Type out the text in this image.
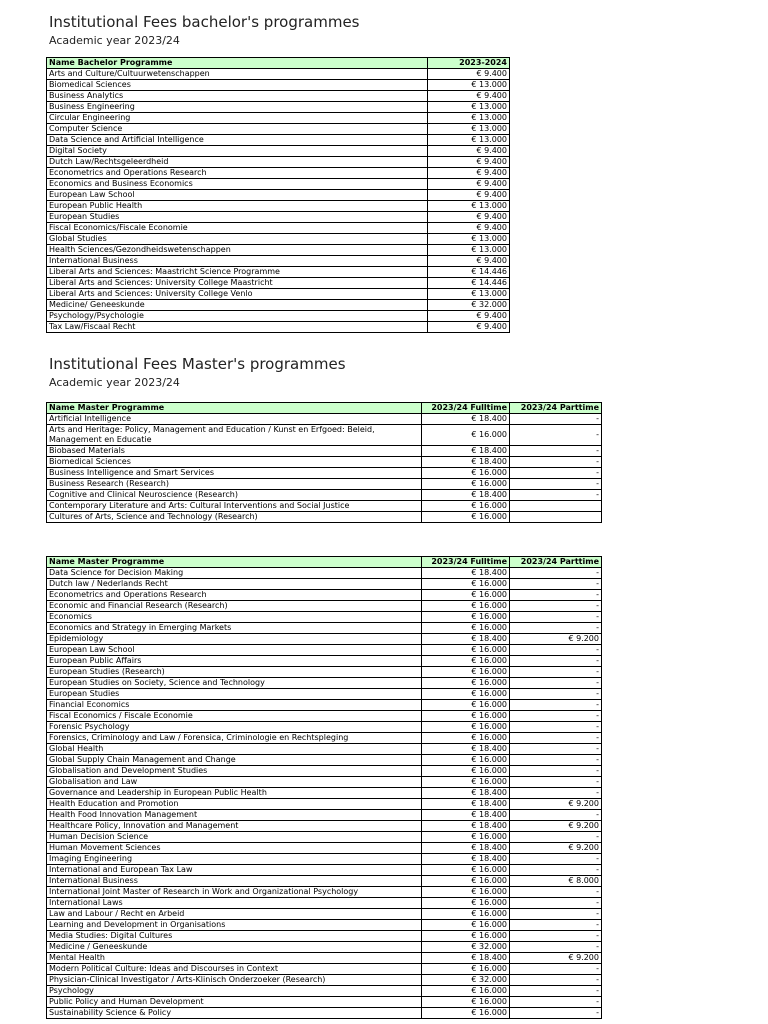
Institutional Fees bachelor's programmes
Academic year 2023/24
Name Bachelor Programme	2023-2024
Arts and Culture/Cultuurwetenschappen	€ 9.400
Biomedical Sciences	€ 13.000
Business Analytics	€ 9.400
Business Engineering	€ 13.000
Circular Engineering	€ 13.000
Computer Science	€ 13.000
Data Science and Artificial Intelligence	€ 13.000
Digital Society	€ 9.400
Dutch Law/Rechtsgeleerdheid	€ 9.400
Econometrics and Operations Research	€ 9.400
Economics and Business Economics	€ 9.400
European Law School	€ 9.400
European Public Health	€ 13.000
European Studies	€ 9.400
Fiscal Economics/Fiscale Economie	€ 9.400
Global Studies	€ 13.000
Health Sciences/Gezondheidswetenschappen	€ 13.000
International Business	€ 9.400
Liberal Arts and Sciences: Maastricht Science Programme	€ 14.446
Liberal Arts and Sciences: University College Maastricht	€ 14.446
Liberal Arts and Sciences: University College Venlo	€ 13.000
Medicine/ Geneeskunde	€ 32.000
Psychology/Psychologie	€ 9.400
Tax Law/Fiscaal Recht	€ 9.400
Institutional Fees Master's programmes
Academic year 2023/24
Name Master Programme	2023/24 Fulltime	2023/24 Parttime
Artificial Intelligence	€ 18.400	-
Arts and Heritage: Policy, Management and Education / Kunst en Erfgoed: Beleid, Management en Educatie	€ 16.000	-
Biobased Materials	€ 18.400	-
Biomedical Sciences	€ 18.400	-
Business Intelligence and Smart Services	€ 16.000	-
Business Research (Research)	€ 16.000	-
Cognitive and Clinical Neuroscience (Research)	€ 18.400	-
Contemporary Literature and Arts: Cultural Interventions and Social Justice	€ 16.000	
Cultures of Arts, Science and Technology (Research)	€ 16.000	
Name Master Programme	2023/24 Fulltime	2023/24 Parttime
Data Science for Decision Making	€ 18.400	-
Dutch law / Nederlands Recht	€ 16.000	-
Econometrics and Operations Research	€ 16.000	-
Economic and Financial Research (Research)	€ 16.000	-
Economics	€ 16.000	-
Economics and Strategy in Emerging Markets	€ 16.000	-
Epidemiology	€ 18.400	€ 9.200
European Law School	€ 16.000	-
European Public Affairs	€ 16.000	-
European Studies (Research)	€ 16.000	-
European Studies on Society, Science and Technology	€ 16.000	-
European Studies	€ 16.000	-
Financial Economics	€ 16.000	-
Fiscal Economics / Fiscale Economie	€ 16.000	-
Forensic Psychology	€ 16.000	-
Forensics, Criminology and Law / Forensica, Criminologie en Rechtspleging	€ 16.000	-
Global Health	€ 18.400	-
Global Supply Chain Management and Change	€ 16.000	-
Globalisation and Development Studies	€ 16.000	-
Globalisation and Law	€ 16.000	-
Governance and Leadership in European Public Health	€ 18.400	-
Health Education and Promotion	€ 18.400	€ 9.200
Health Food Innovation Management	€ 18.400	-
Healthcare Policy, Innovation and Management	€ 18.400	€ 9.200
Human Decision Science	€ 16.000	-
Human Movement Sciences	€ 18.400	€ 9.200
Imaging Engineering	€ 18.400	-
International and European Tax Law	€ 16.000	-
International Business	€ 16.000	€ 8.000
International Joint Master of Research in Work and Organizational Psychology	€ 16.000	-
International Laws	€ 16.000	-
Law and Labour / Recht en Arbeid	€ 16.000	-
Learning and Development in Organisations	€ 16.000	-
Media Studies: Digital Cultures	€ 16.000	-
Medicine / Geneeskunde	€ 32.000	-
Mental Health	€ 18.400	€ 9.200
Modern Political Culture: Ideas and Discourses in Context	€ 16.000	-
Physician-Clinical Investigator / Arts-Klinisch Onderzoeker (Research)	€ 32.000	-
Psychology	€ 16.000	-
Public Policy and Human Development	€ 16.000	-
Sustainability Science & Policy	€ 16.000	-
